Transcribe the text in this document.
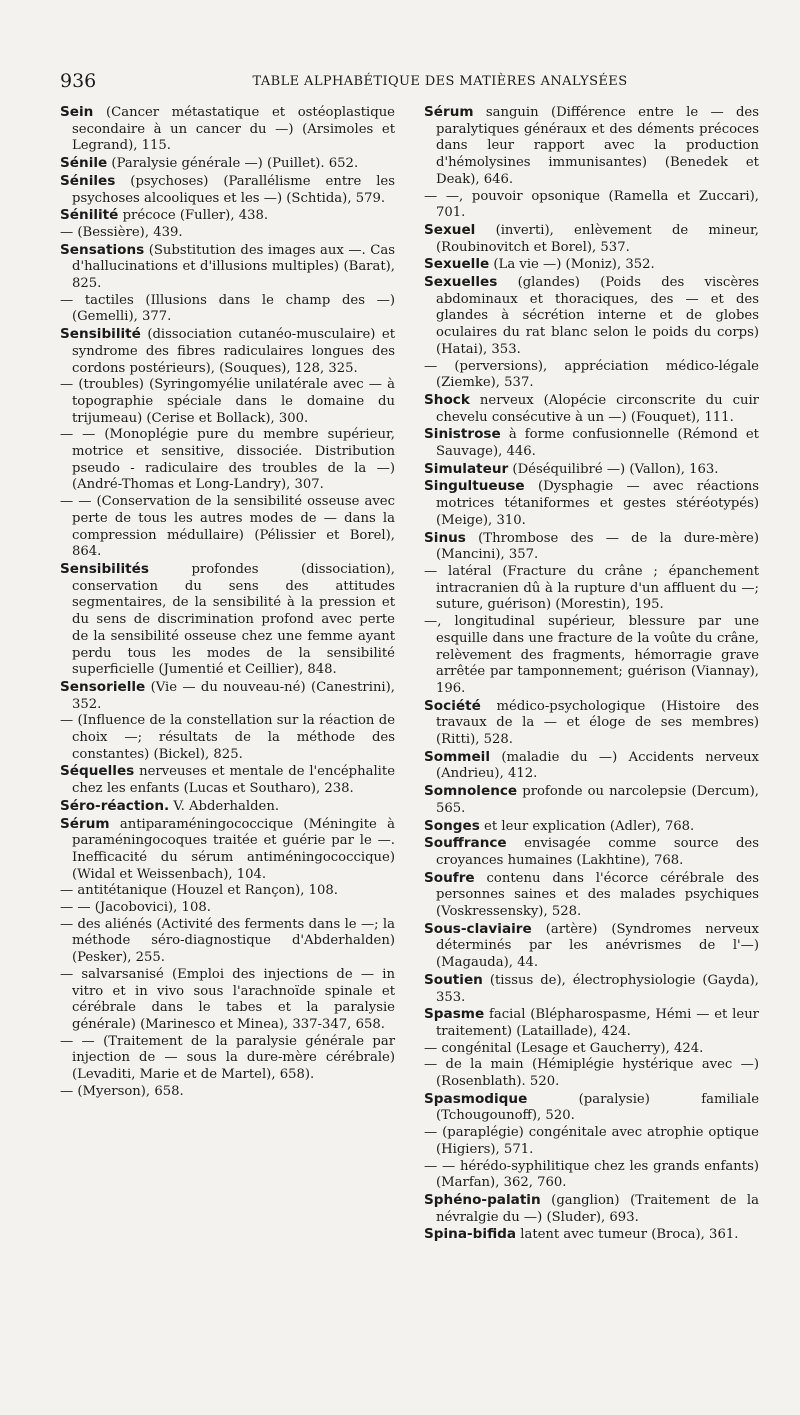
936	TABLE ALPHABÉTIQUE DES MATIÈRES ANALYSÉES

Sein (Cancer métastatique et ostéoplastique secondaire à un cancer du —) (Arsimoles et Legrand), 115.

Sénile (Paralysie générale —) (Puillet). 652.

Séniles (psychoses) (Parallélisme entre les psychoses alcooliques et les —) (Schtida), 579.

Sénilité précoce (Fuller), 438.

— (Bessière), 439.

Sensations (Substitution des images aux —. Cas d'hallucinations et d'illusions multiples) (Barat), 825.

— tactiles (Illusions dans le champ des —) (Gemelli), 377.

Sensibilité (dissociation cutanéo-musculaire) et syndrome des fibres radiculaires longues des cordons postérieurs), (Souques), 128, 325.

— (troubles) (Syringomyélie unilatérale avec — à topographie spéciale dans le domaine du trijumeau) (Cerise et Bollack), 300.

— — (Monoplégie pure du membre supérieur, motrice et sensitive, dissociée. Distribution pseudo - radiculaire des troubles de la —) (André-Thomas et Long-Landry), 307.

— — (Conservation de la sensibilité osseuse avec perte de tous les autres modes de — dans la compression médullaire) (Pélissier et Borel), 864.

Sensibilités profondes (dissociation), conservation du sens des attitudes segmentaires, de la sensibilité à la pression et du sens de discrimination profond avec perte de la sensibilité osseuse chez une femme ayant perdu tous les modes de la sensibilité superficielle (Jumentié et Ceillier), 848.

Sensorielle (Vie — du nouveau-né) (Canestrini), 352.

— (Influence de la constellation sur la réaction de choix —; résultats de la méthode des constantes) (Bickel), 825.

Séquelles nerveuses et mentale de l'encéphalite chez les enfants (Lucas et Southaro), 238.

Séro-réaction. V. Abderhalden.

Sérum antiparaméningococcique (Méningite à paraméningocoques traitée et guérie par le —. Inefficacité du sérum antiméningococcique) (Widal et Weissenbach), 104.

— antitétanique (Houzel et Rançon), 108.

— — (Jacobovici), 108.

— des aliénés (Activité des ferments dans le —; la méthode séro-diagnostique d'Abderhalden) (Pesker), 255.

— salvarsanisé (Emploi des injections de — in vitro et in vivo sous l'arachnoïde spinale et cérébrale dans le tabes et la paralysie générale) (Marinesco et Minea), 337-347, 658.

— — (Traitement de la paralysie générale par injection de — sous la dure-mère cérébrale) (Levaditi, Marie et de Martel), 658).

— (Myerson), 658.

Sérum sanguin (Différence entre le — des paralytiques généraux et des déments précoces dans leur rapport avec la production d'hémolysines immunisantes) (Benedek et Deak), 646.

— —, pouvoir opsonique (Ramella et Zuccari), 701.

Sexuel (inverti), enlèvement de mineur, (Roubinovitch et Borel), 537.

Sexuelle (La vie —) (Moniz), 352.

Sexuelles (glandes) (Poids des viscères abdominaux et thoraciques, des — et des glandes à sécrétion interne et de globes oculaires du rat blanc selon le poids du corps) (Hatai), 353.

— (perversions), appréciation médico-légale (Ziemke), 537.

Shock nerveux (Alopécie circonscrite du cuir chevelu consécutive à un —) (Fouquet), 111.

Sinistrose à forme confusionnelle (Rémond et Sauvage), 446.

Simulateur (Déséquilibré —) (Vallon), 163.

Singultueuse (Dysphagie — avec réactions motrices tétaniformes et gestes stéréotypés) (Meige), 310.

Sinus (Thrombose des — de la dure-mère) (Mancini), 357.

— latéral (Fracture du crâne ; épanchement intracranien dû à la rupture d'un affluent du —; suture, guérison) (Morestin), 195.

—, longitudinal supérieur, blessure par une esquille dans une fracture de la voûte du crâne, relèvement des fragments, hémorragie grave arrêtée par tamponnement; guérison (Viannay), 196.

Société médico-psychologique (Histoire des travaux de la — et éloge de ses membres) (Ritti), 528.

Sommeil (maladie du —) Accidents nerveux (Andrieu), 412.

Somnolence profonde ou narcolepsie (Dercum), 565.

Songes et leur explication (Adler), 768.

Souffrance envisagée comme source des croyances humaines (Lakhtine), 768.

Soufre contenu dans l'écorce cérébrale des personnes saines et des malades psychiques (Voskressensky), 528.

Sous-claviaire (artère) (Syndromes nerveux déterminés par les anévrismes de l'—) (Magauda), 44.

Soutien (tissus de), électrophysiologie (Gayda), 353.

Spasme facial (Blépharospasme, Hémi — et leur traitement) (Lataillade), 424.

— congénital (Lesage et Gaucherry), 424.

— de la main (Hémiplégie hystérique avec —) (Rosenblath). 520.

Spasmodique (paralysie) familiale (Tchougounoff), 520.

— (paraplégie) congénitale avec atrophie optique (Higiers), 571.

— — hérédo-syphilitique chez les grands enfants) (Marfan), 362, 760.

Sphéno-palatin (ganglion) (Traitement de la névralgie du —) (Sluder), 693.

Spina-bifida latent avec tumeur (Broca), 361.
